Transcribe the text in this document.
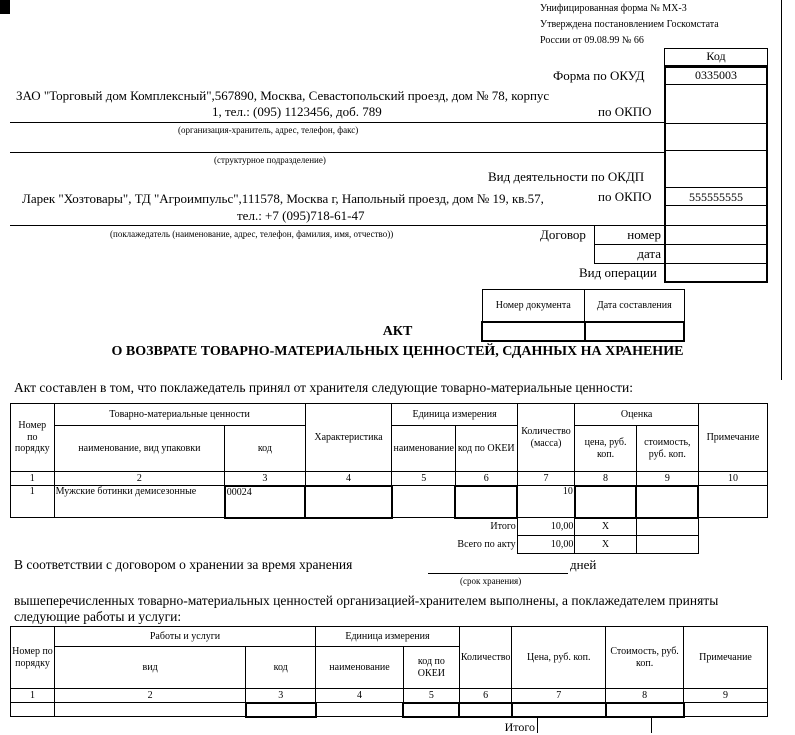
Унифицированная форма № МХ-3
Утверждена постановлением Госкомстата
России от 09.08.99 № 66
Код
Форма по ОКУД	0335003
по ОКПО
Вид деятельности по ОКДП
по ОКПО	555555555
Договор	номер
дата
Вид операции
ЗАО "Торговый дом Комплексный",567890, Москва, Севастопольский проезд, дом № 78, корпус
1, тел.: (095) 1123456, доб. 789
(организация-хранитель, адрес, телефон, факс)
(структурное подразделение)
Ларек "Хозтовары", ТД "Агроимпульс",111578, Москва г, Напольный проезд, дом № 19, кв.57,
тел.: +7 (095)718-61-47
(поклажедатель (наименование, адрес, телефон, фамилия, имя, отчество))
Номер документа	Дата составления

АКТ
О ВОЗВРАТЕ ТОВАРНО-МАТЕРИАЛЬНЫХ ЦЕННОСТЕЙ, СДАННЫХ НА ХРАНЕНИЕ
Акт составлен в том, что поклажедатель принял от хранителя следующие товарно-материальные ценности:
Номер по порядку	Товарно-материальные ценности		Характеристика	Единица измерения		Количество (масса)	Оценка		Примечание
	наименование, вид упаковки	код		наименование	код по ОКЕИ		цена, руб. коп.	стоимость, руб. коп.	
1	2	3	4	5	6	7	8	9	10
1	Мужские ботинки демисезонные	00024				10			
					Итого	10,00	X		
					Всего по акту	10,00	X		
В соответствии с договором о хранении за время хранения	дней
(срок хранения)
вышеперечисленных товарно-материальных ценностей организацией-хранителем выполнены, а поклажедателем приняты
следующие работы и услуги:
Номер по порядку	Работы и услуги		Единица измерения		Количество	Цена, руб. коп.	Стоимость, руб. коп.	Примечание
	вид	код	наименование	код по ОКЕИ				
1	2	3	4	5	6	7	8	9

Итого
